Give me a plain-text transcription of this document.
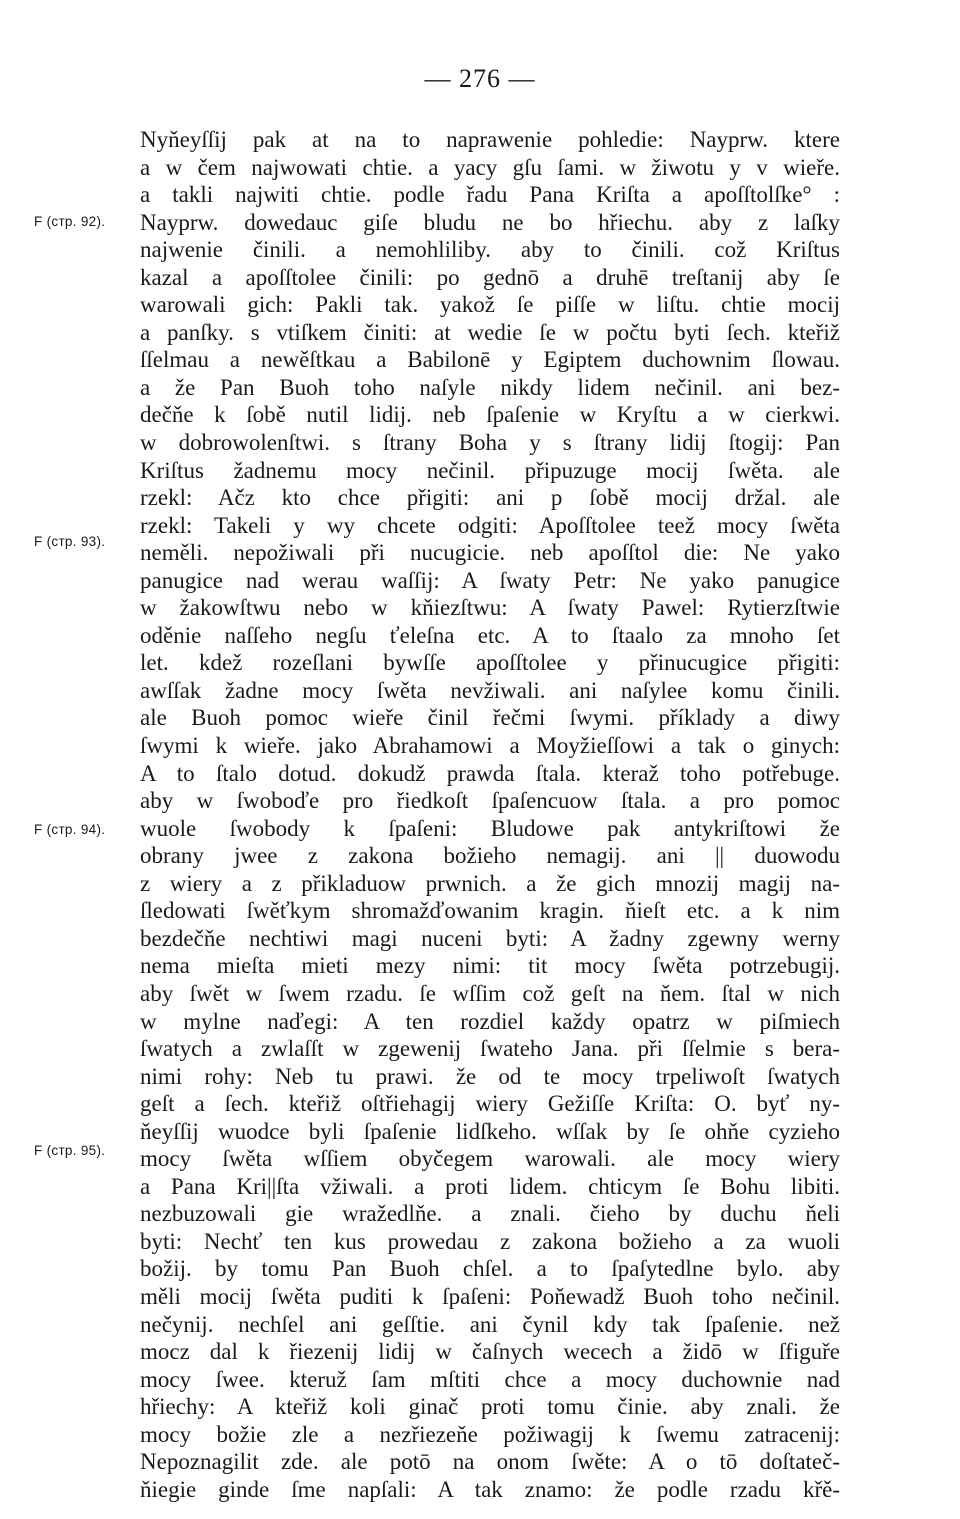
— 276 —
F (стр. 92).
F (стр. 93).
F (стр. 94).
F (стр. 95).
Nyňeyſſij pak at na to naprawenie pohledie: Nayprw. ktere
a w čem najwowati chtie. a yacy gſu ſami. w žiwotu y v wieře.
a takli najwiti chtie. podle řadu Pana Kriſta a apoſſtolſke° :
Nayprw. dowedauc giſe bludu ne bo hřiechu. aby z laſky
najwenie činili. a nemohliliby. aby to činili. což Kriſtus
kazal a apoſſtolee činili: po gednō a druhē treſtanij aby ſe
warowali gich: Pakli tak. yakož ſe piſſe w liſtu. chtie mocij
a panſky. s vtiſkem činiti: at wedie ſe w počtu byti ſech. kteřiž
ſſelmau a newěſtkau a Babilonē y Egiptem duchownim ſlowau.
a že Pan Buoh toho naſyle nikdy lidem nečinil. ani bez-
dečňe k ſobě nutil lidij. neb ſpaſenie w Kryſtu a w cierkwi.
w dobrowolenſtwi. s ſtrany Boha y s ſtrany lidij ſtogij: Pan
Kriſtus žadnemu mocy nečinil. připuzuge mocij ſwěta. ale
rzekl: Ačz kto chce přigiti: ani p ſobě mocij držal. ale
rzekl: Takeli y wy chcete odgiti: Apoſſtolee teež mocy ſwěta
neměli. nepožiwali při nucugicie. neb apoſſtol die: Ne yako
panugice nad werau waſſij: A ſwaty Petr: Ne yako panugice
w žakowſtwu nebo w kňiezſtwu: A ſwaty Pawel: Rytierzſtwie
oděnie naſſeho negſu ťeleſna etc. A to ſtaalo za mnoho ſet
let. kdež rozeſlani bywſſe apoſſtolee y přinucugice přigiti:
awſſak žadne mocy ſwěta nevžiwali. ani naſylee komu činili.
ale Buoh pomoc wieře činil řečmi ſwymi. příklady a diwy
ſwymi k wieře. jako Abrahamowi a Moyžieſſowi a tak o ginych:
A to ſtalo dotud. dokudž prawda ſtala. kteraž toho potřebuge.
aby w ſwoboďe pro řiedkoſt ſpaſencuow ſtala. a pro pomoc
wuole ſwobody k ſpaſeni: Bludowe pak antykriſtowi že
obrany jwee z zakona božieho nemagij. ani || duowodu
z wiery a z přikladuow prwnich. a že gich mnozij magij na-
ſledowati ſwěťkym shromažďowanim kragin. ňieſt etc. a k nim
bezdečňe nechtiwi magi nuceni byti: A žadny zgewny werny
nema mieſta mieti mezy nimi: tit mocy ſwěta potrzebugij.
aby ſwět w ſwem rzadu. ſe wſſim což geſt na ňem. ſtal w nich
w mylne naďegi: A ten rozdiel každy opatrz w piſmiech
ſwatych a zwlaſſt w zgewenij ſwateho Jana. při ſſelmie s bera-
nimi rohy: Neb tu prawi. že od te mocy trpeliwoſt ſwatych
geſt a ſech. kteřiž oſtřiehagij wiery Gežiſſe Kriſta: O. byť ny-
ňeyſſij wuodce byli ſpaſenie lidſkeho. wſſak by ſe ohňe cyzieho
mocy ſwěta wſſiem obyčegem warowali. ale mocy wiery
a Pana Kri||ſta vžiwali. a proti lidem. chticym ſe Bohu libiti.
nezbuzowali gie wražedlňe. a znali. čieho by duchu ňeli
byti: Nechť ten kus prowedau z zakona božieho a za wuoli
božij. by tomu Pan Buoh chſel. a to ſpaſytedlne bylo. aby
měli mocij ſwěta puditi k ſpaſeni: Poňewadž Buoh toho nečinil.
nečynij. nechſel ani geſſtie. ani čynil kdy tak ſpaſenie. než
mocz dal k řiezenij lidij w čaſnych wecech a židō w ſfiguře
mocy ſwee. kteruž ſam mſtiti chce a mocy duchownie nad
hřiechy: A kteřiž koli ginač proti tomu činie. aby znali. že
mocy božie zle a nezřiezeňe požiwagij k ſwemu zatracenij:
Nepoznagilit zde. ale potō na onom ſwěte: A o tō doſtateč-
ňiegie ginde ſme napſali: A tak znamo: že podle rzadu křě-
